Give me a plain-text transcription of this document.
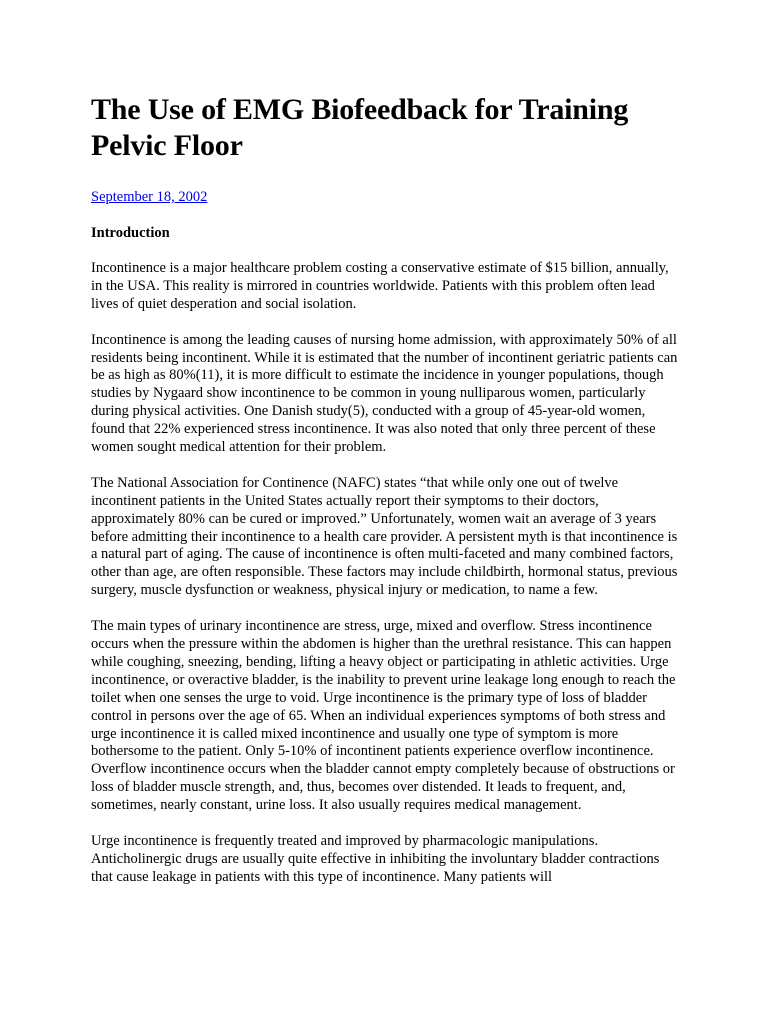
The Use of EMG Biofeedback for Training Pelvic Floor
September 18, 2002
Introduction

Incontinence is a major healthcare problem costing a conservative estimate of $15 billion, annually, in the USA. This reality is mirrored in countries worldwide. Patients with this problem often lead lives of quiet desperation and social isolation.

Incontinence is among the leading causes of nursing home admission, with approximately 50% of all residents being incontinent. While it is estimated that the number of incontinent geriatric patients can be as high as 80%(11), it is more difficult to estimate the incidence in younger populations, though studies by Nygaard show incontinence to be common in young nulliparous women, particularly during physical activities. One Danish study(5), conducted with a group of 45-year-old women, found that 22% experienced stress incontinence. It was also noted that only three percent of these women sought medical attention for their problem.

The National Association for Continence (NAFC) states “that while only one out of twelve incontinent patients in the United States actually report their symptoms to their doctors, approximately 80% can be cured or improved.” Unfortunately, women wait an average of 3 years before admitting their incontinence to a health care provider. A persistent myth is that incontinence is a natural part of aging. The cause of incontinence is often multi-faceted and many combined factors, other than age, are often responsible. These factors may include childbirth, hormonal status, previous surgery, muscle dysfunction or weakness, physical injury or medication, to name a few.

The main types of urinary incontinence are stress, urge, mixed and overflow. Stress incontinence occurs when the pressure within the abdomen is higher than the urethral resistance. This can happen while coughing, sneezing, bending, lifting a heavy object or participating in athletic activities. Urge incontinence, or overactive bladder, is the inability to prevent urine leakage long enough to reach the toilet when one senses the urge to void. Urge incontinence is the primary type of loss of bladder control in persons over the age of 65. When an individual experiences symptoms of both stress and urge incontinence it is called mixed incontinence and usually one type of symptom is more bothersome to the patient. Only 5-10% of incontinent patients experience overflow incontinence. Overflow incontinence occurs when the bladder cannot empty completely because of obstructions or loss of bladder muscle strength, and, thus, becomes over distended. It leads to frequent, and, sometimes, nearly constant, urine loss. It also usually requires medical management.

Urge incontinence is frequently treated and improved by pharmacologic manipulations. Anticholinergic drugs are usually quite effective in inhibiting the involuntary bladder contractions that cause leakage in patients with this type of incontinence. Many patients will
